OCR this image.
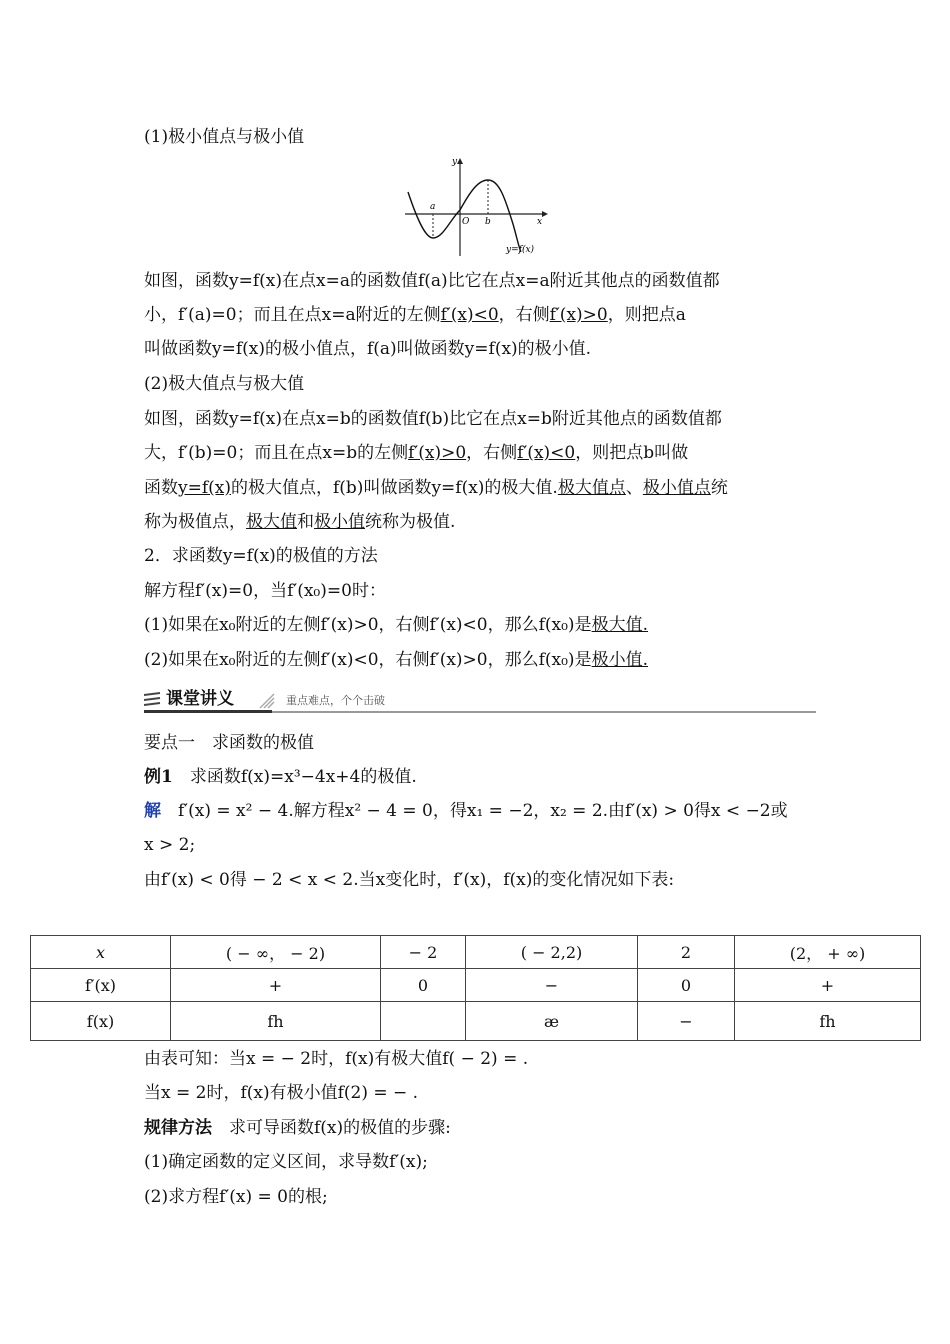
(1)极小值点与极小值
y
x
O
a
b
y=f(x)
如图，函数y=f(x)在点x=a的函数值f(a)比它在点x=a附近其他点的函数值都
小，f′(a)=0；而且在点x=a附近的左侧f′(x)<0，右侧f′(x)>0，则把点a
叫做函数y=f(x)的极小值点，f(a)叫做函数y=f(x)的极小值.
(2)极大值点与极大值
如图，函数y=f(x)在点x=b的函数值f(b)比它在点x=b附近其他点的函数值都
大，f′(b)=0；而且在点x=b的左侧f′(x)>0，右侧f′(x)<0，则把点b叫做
函数y=f(x)的极大值点，f(b)叫做函数y=f(x)的极大值.极大值点、极小值点统
称为极值点，极大值和极小值统称为极值.
2．求函数y=f(x)的极值的方法
解方程f′(x)=0，当f′(x₀)=0时：
(1)如果在x₀附近的左侧f′(x)>0，右侧f′(x)<0，那么f(x₀)是极大值.
(2)如果在x₀附近的左侧f′(x)<0，右侧f′(x)>0，那么f(x₀)是极小值.
课堂讲义	重点难点，个个击破
要点一　求函数的极值
例1　求函数f(x)=x³−4x+4的极值.
解　f′(x) = x² − 4.解方程x² − 4 = 0，得x₁ = −2，x₂ = 2.由f′(x) > 0得x < −2或
x > 2;
由f′(x) < 0得 − 2 < x < 2.当x变化时，f′(x)，f(x)的变化情况如下表:
x	( − ∞， − 2)	− 2	( − 2,2)	2	(2， + ∞)
f′(x)	+	0	−	0	+
f(x)	fh		æ	−	fh
由表可知：当x = − 2时，f(x)有极大值f( − 2) = .
当x = 2时，f(x)有极小值f(2) = − .
规律方法　求可导函数f(x)的极值的步骤:
(1)确定函数的定义区间，求导数f′(x);
(2)求方程f′(x) = 0的根;
